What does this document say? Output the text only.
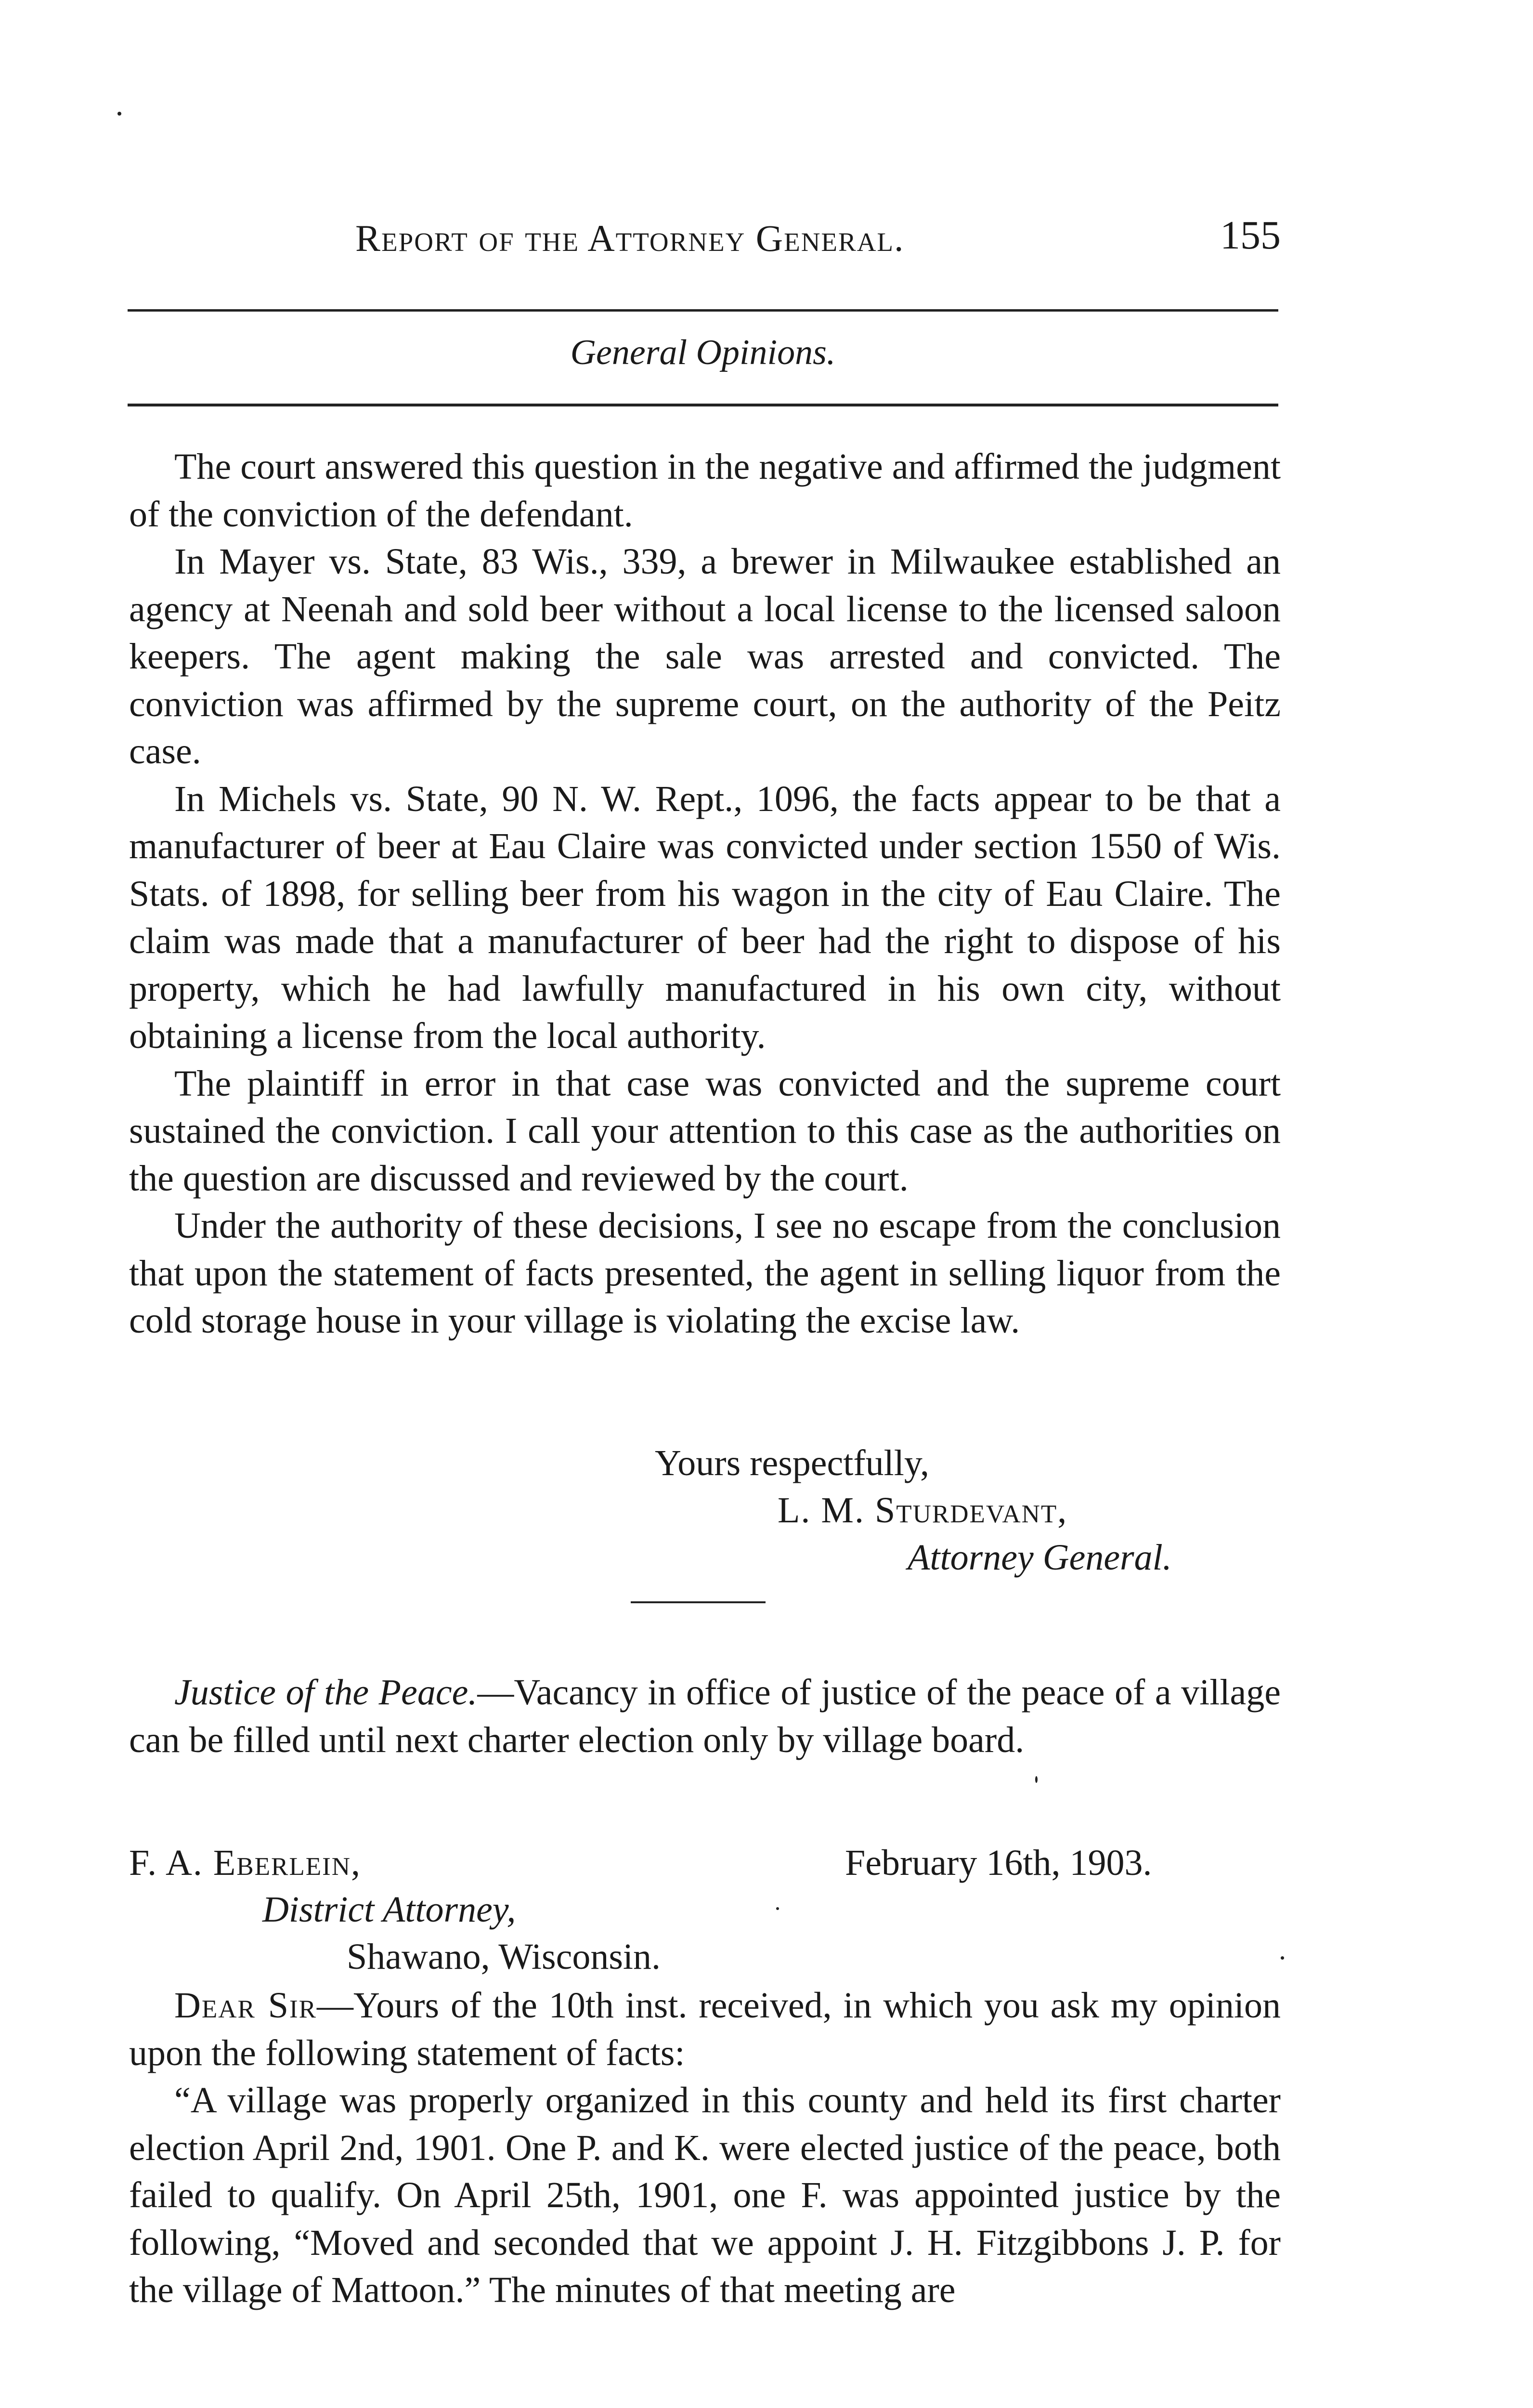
Report of the Attorney General.	155
General Opinions.

The court answered this question in the negative and affirmed the judgment of the conviction of the defendant.

In Mayer vs. State, 83 Wis., 339, a brewer in Milwaukee established an agency at Neenah and sold beer without a local license to the licensed saloon keepers. The agent making the sale was arrested and convicted. The conviction was affirmed by the supreme court, on the authority of the Peitz case.

In Michels vs. State, 90 N. W. Rept., 1096, the facts appear to be that a manufacturer of beer at Eau Claire was convicted under section 1550 of Wis. Stats. of 1898, for selling beer from his wagon in the city of Eau Claire. The claim was made that a manufacturer of beer had the right to dispose of his property, which he had lawfully manufactured in his own city, without obtaining a license from the local authority.

The plaintiff in error in that case was convicted and the supreme court sustained the conviction. I call your attention to this case as the authorities on the question are discussed and reviewed by the court.

Under the authority of these decisions, I see no escape from the conclusion that upon the statement of facts presented, the agent in selling liquor from the cold storage house in your village is violating the excise law.

Yours respectfully,
L. M. Sturdevant,
Attorney General.

Justice of the Peace.—Vacancy in office of justice of the peace of a village can be filled until next charter election only by village board.

F. A. Eberlein,	February 16th, 1903.
District Attorney,
Shawano, Wisconsin.

Dear Sir—Yours of the 10th inst. received, in which you ask my opinion upon the following statement of facts:

“A village was properly organized in this county and held its first charter election April 2nd, 1901. One P. and K. were elected justice of the peace, both failed to qualify. On April 25th, 1901, one F. was appointed justice by the following, “Moved and seconded that we appoint J. H. Fitzgibbons J. P. for the village of Mattoon.” The minutes of that meeting are
